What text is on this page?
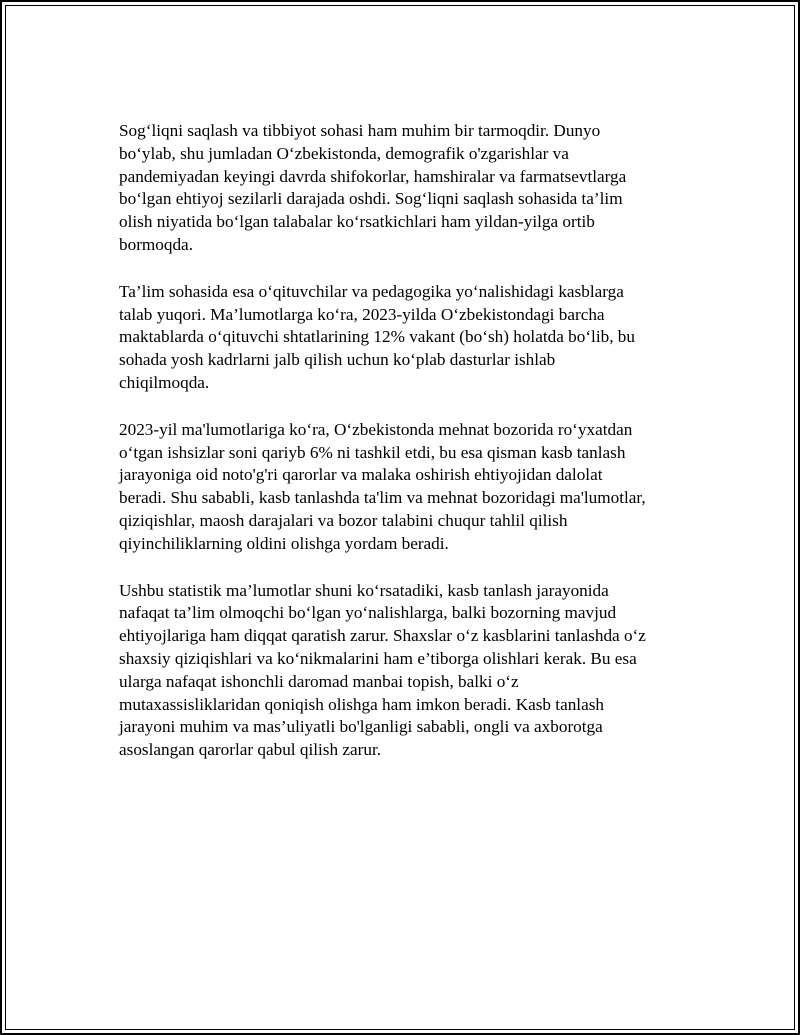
Sog‘liqni saqlash va tibbiyot sohasi ham muhim bir tarmoqdir. Dunyo
bo‘ylab, shu jumladan O‘zbekistonda, demografik o'zgarishlar va
pandemiyadan keyingi davrda shifokorlar, hamshiralar va farmatsevtlarga
bo‘lgan ehtiyoj sezilarli darajada oshdi. Sog‘liqni saqlash sohasida ta’lim
olish niyatida bo‘lgan talabalar ko‘rsatkichlari ham yildan-yilga ortib
bormoqda.

Ta’lim sohasida esa o‘qituvchilar va pedagogika yo‘nalishidagi kasblarga
talab yuqori. Ma’lumotlarga ko‘ra, 2023-yilda O‘zbekistondagi barcha
maktablarda o‘qituvchi shtatlarining 12% vakant (bo‘sh) holatda bo‘lib, bu
sohada yosh kadrlarni jalb qilish uchun ko‘plab dasturlar ishlab
chiqilmoqda.

2023-yil ma'lumotlariga ko‘ra, O‘zbekistonda mehnat bozorida ro‘yxatdan
o‘tgan ishsizlar soni qariyb 6% ni tashkil etdi, bu esa qisman kasb tanlash
jarayoniga oid noto'g'ri qarorlar va malaka oshirish ehtiyojidan dalolat
beradi. Shu sababli, kasb tanlashda ta'lim va mehnat bozoridagi ma'lumotlar,
qiziqishlar, maosh darajalari va bozor talabini chuqur tahlil qilish
qiyinchiliklarning oldini olishga yordam beradi.

Ushbu statistik ma’lumotlar shuni ko‘rsatadiki, kasb tanlash jarayonida
nafaqat ta’lim olmoqchi bo‘lgan yo‘nalishlarga, balki bozorning mavjud
ehtiyojlariga ham diqqat qaratish zarur. Shaxslar o‘z kasblarini tanlashda o‘z
shaxsiy qiziqishlari va ko‘nikmalarini ham e’tiborga olishlari kerak. Bu esa
ularga nafaqat ishonchli daromad manbai topish, balki o‘z
mutaxassisliklaridan qoniqish olishga ham imkon beradi. Kasb tanlash
jarayoni muhim va mas’uliyatli bo'lganligi sababli, ongli va axborotga
asoslangan qarorlar qabul qilish zarur.
